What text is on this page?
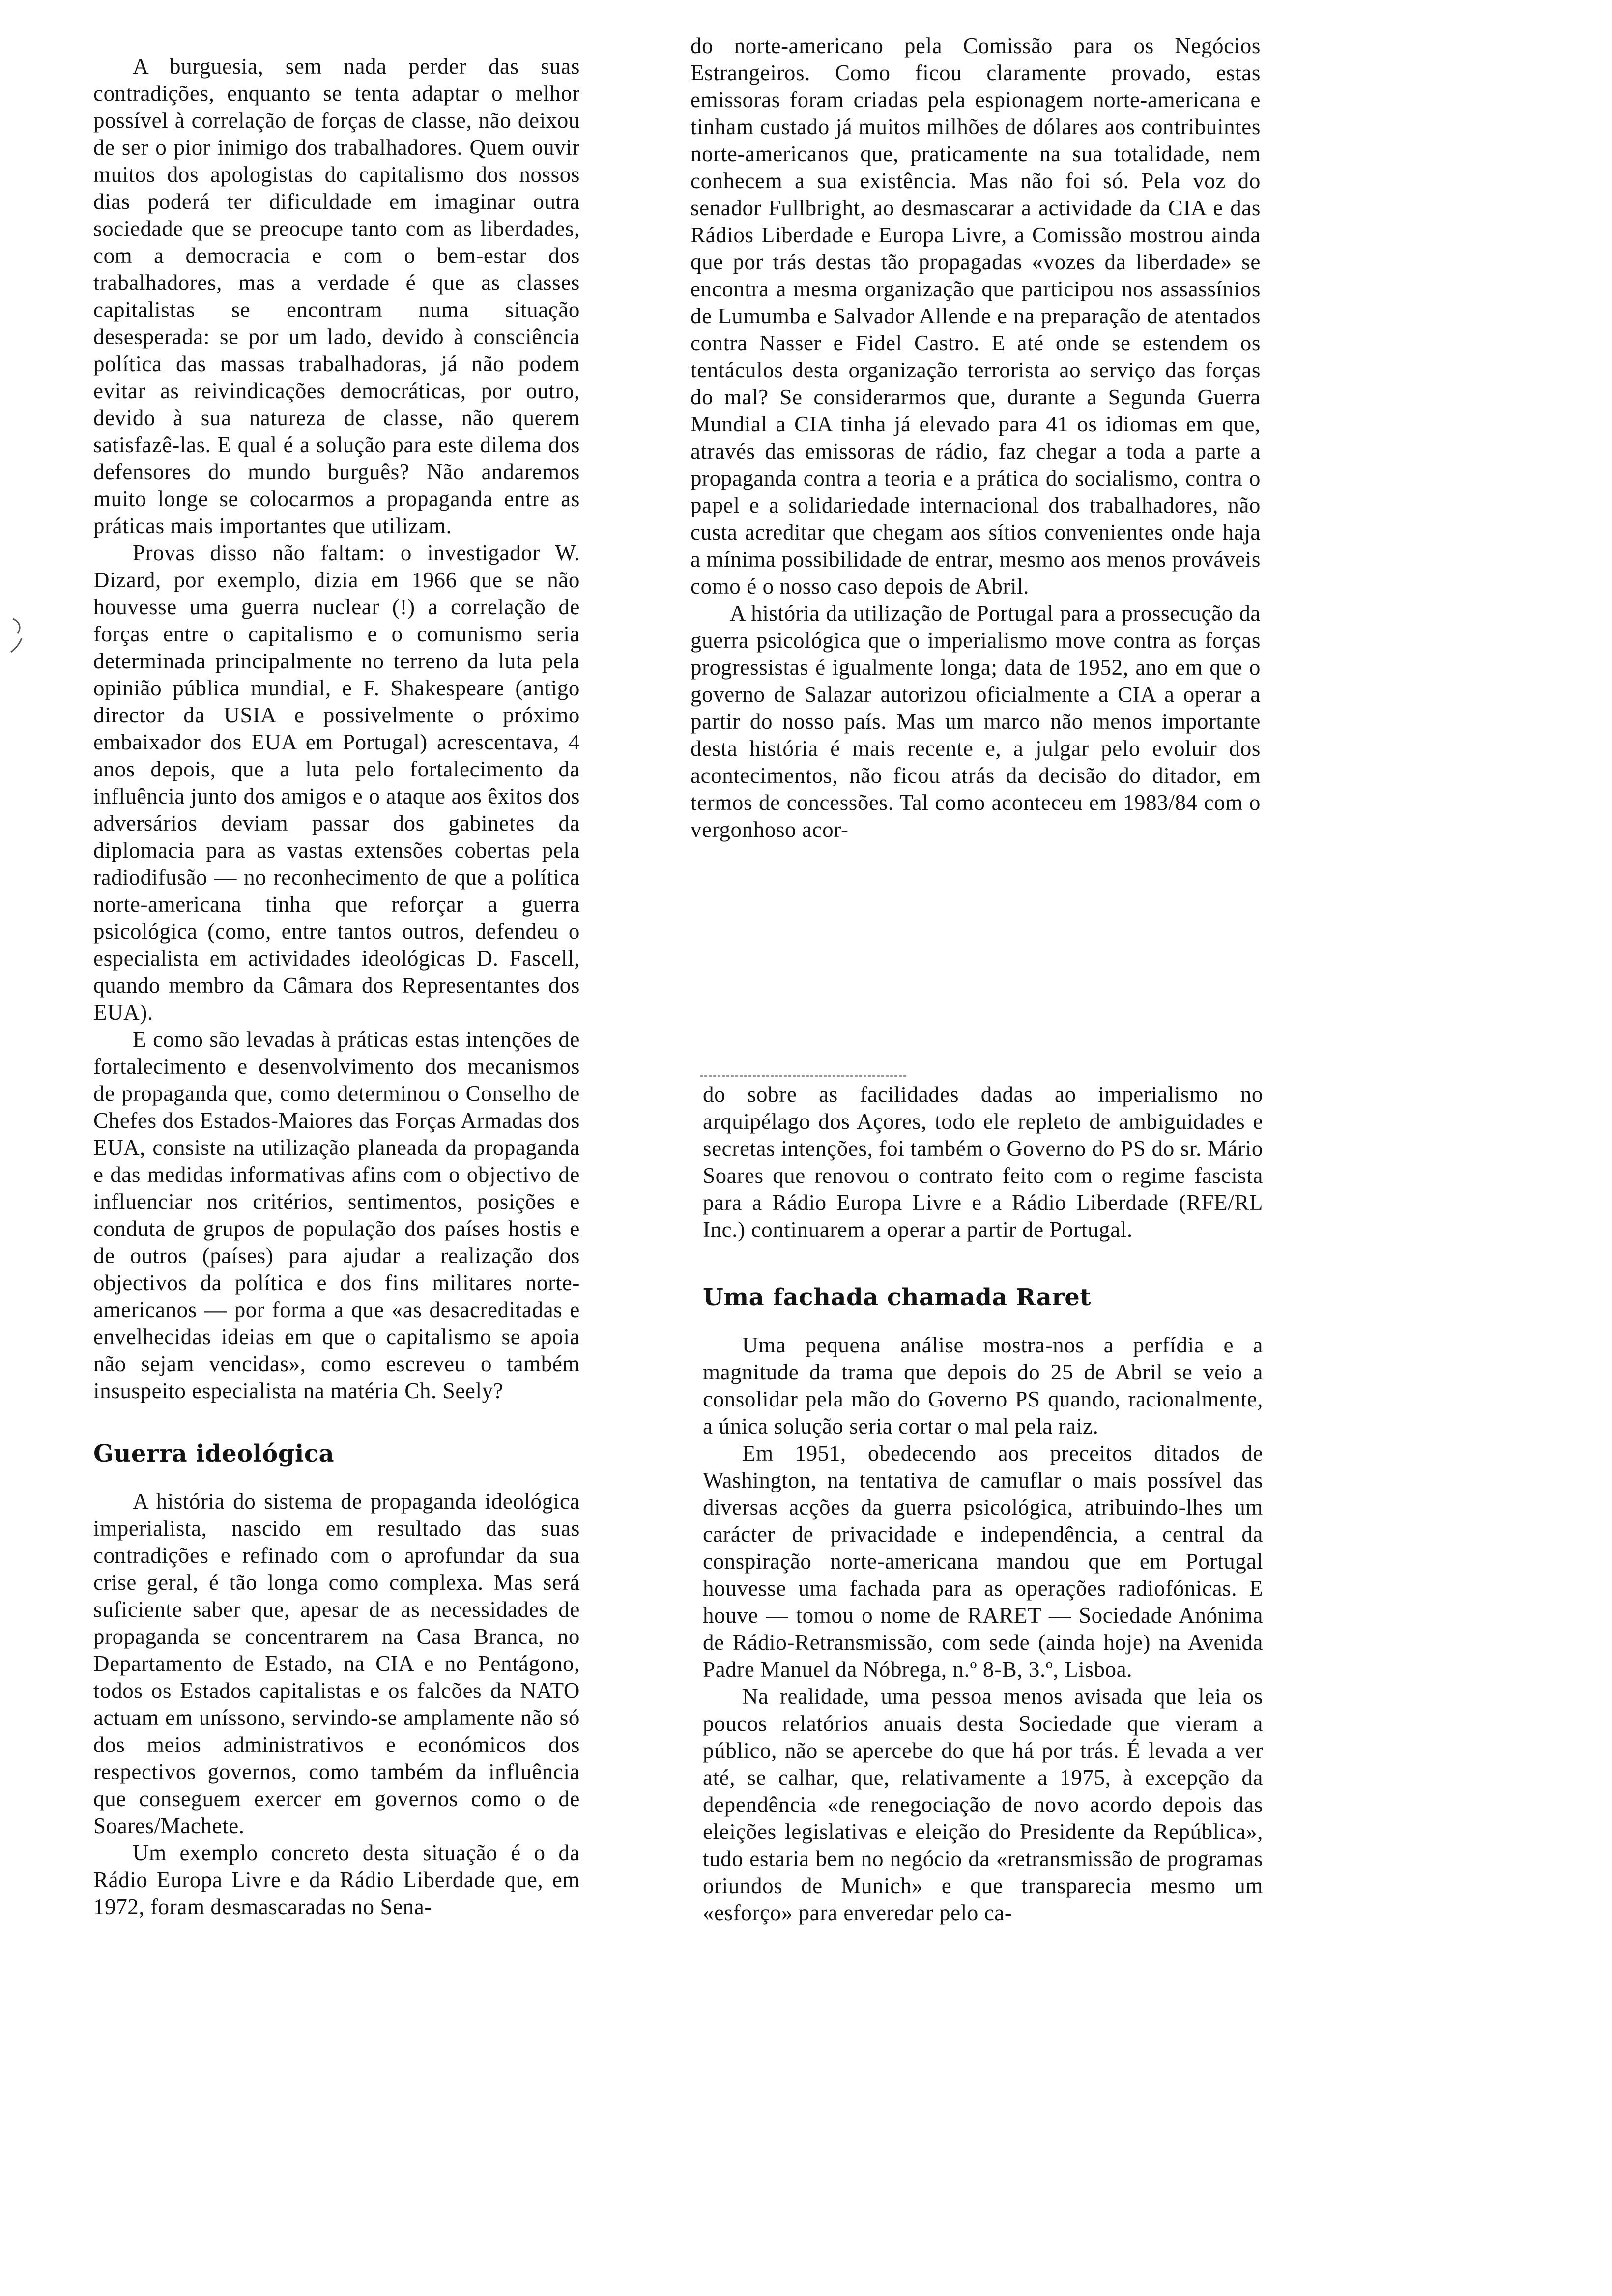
A burguesia, sem nada perder das suas contradições, enquanto se tenta adaptar o melhor possível à correlação de forças de classe, não deixou de ser o pior inimigo dos trabalhadores. Quem ouvir muitos dos apologistas do capitalismo dos nossos dias poderá ter dificuldade em imaginar outra sociedade que se preocupe tanto com as liberdades, com a democracia e com o bem-estar dos trabalhadores, mas a verdade é que as classes capitalistas se encontram numa situação desesperada: se por um lado, devido à consciência política das massas trabalhadoras, já não podem evitar as reivindicações democráticas, por outro, devido à sua natureza de classe, não querem satisfazê-las. E qual é a solução para este dilema dos defensores do mundo burguês? Não andaremos muito longe se colocarmos a propaganda entre as práticas mais importantes que utilizam.

Provas disso não faltam: o investigador W. Dizard, por exemplo, dizia em 1966 que se não houvesse uma guerra nuclear (!) a correlação de forças entre o capitalismo e o comunismo seria determinada principalmente no terreno da luta pela opinião pública mundial, e F. Shakespeare (antigo director da USIA e possivelmente o próximo embaixador dos EUA em Portugal) acrescentava, 4 anos depois, que a luta pelo fortalecimento da influência junto dos amigos e o ataque aos êxitos dos adversários deviam passar dos gabinetes da diplomacia para as vastas extensões cobertas pela radiodifusão — no reconhecimento de que a política norte-americana tinha que reforçar a guerra psicológica (como, entre tantos outros, defendeu o especialista em actividades ideológicas D. Fascell, quando membro da Câmara dos Representantes dos EUA).

E como são levadas à práticas estas intenções de fortalecimento e desenvolvimento dos mecanismos de propaganda que, como determinou o Conselho de Chefes dos Estados-Maiores das Forças Armadas dos EUA, consiste na utilização planeada da propaganda e das medidas informativas afins com o objectivo de influenciar nos critérios, sentimentos, posições e conduta de grupos de população dos países hostis e de outros (países) para ajudar a realização dos objectivos da política e dos fins militares norte-americanos — por forma a que «as desacreditadas e envelhecidas ideias em que o capitalismo se apoia não sejam vencidas», como escreveu o também insuspeito especialista na matéria Ch. Seely?

Guerra ideológica

A história do sistema de propaganda ideológica imperialista, nascido em resultado das suas contradições e refinado com o aprofundar da sua crise geral, é tão longa como complexa. Mas será suficiente saber que, apesar de as necessidades de propaganda se concentrarem na Casa Branca, no Departamento de Estado, na CIA e no Pentágono, todos os Estados capitalistas e os falcões da NATO actuam em uníssono, servindo-se amplamente não só dos meios administrativos e económicos dos respectivos governos, como também da influência que conseguem exercer em governos como o de Soares/Machete.

Um exemplo concreto desta situação é o da Rádio Europa Livre e da Rádio Liberdade que, em 1972, foram desmascaradas no Sena-

do norte-americano pela Comissão para os Negócios Estrangeiros. Como ficou claramente provado, estas emissoras foram criadas pela espionagem norte-americana e tinham custado já muitos milhões de dólares aos contribuintes norte-americanos que, praticamente na sua totalidade, nem conhecem a sua existência. Mas não foi só. Pela voz do senador Fullbright, ao desmascarar a actividade da CIA e das Rádios Liberdade e Europa Livre, a Comissão mostrou ainda que por trás destas tão propagadas «vozes da liberdade» se encontra a mesma organização que participou nos assassínios de Lumumba e Salvador Allende e na preparação de atentados contra Nasser e Fidel Castro. E até onde se estendem os tentáculos desta organização terrorista ao serviço das forças do mal? Se considerarmos que, durante a Segunda Guerra Mundial a CIA tinha já elevado para 41 os idiomas em que, através das emissoras de rádio, faz chegar a toda a parte a propaganda contra a teoria e a prática do socialismo, contra o papel e a solidariedade internacional dos trabalhadores, não custa acreditar que chegam aos sítios convenientes onde haja a mínima possibilidade de entrar, mesmo aos menos prováveis como é o nosso caso depois de Abril.

A história da utilização de Portugal para a prossecução da guerra psicológica que o imperialismo move contra as forças progressistas é igualmente longa; data de 1952, ano em que o governo de Salazar autorizou oficialmente a CIA a operar a partir do nosso país. Mas um marco não menos importante desta história é mais recente e, a julgar pelo evoluir dos acontecimentos, não ficou atrás da decisão do ditador, em termos de concessões. Tal como aconteceu em 1983/84 com o vergonhoso acor-

do sobre as facilidades dadas ao imperialismo no arquipélago dos Açores, todo ele repleto de ambiguidades e secretas intenções, foi também o Governo do PS do sr. Mário Soares que renovou o contrato feito com o regime fascista para a Rádio Europa Livre e a Rádio Liberdade (RFE/RL Inc.) continuarem a operar a partir de Portugal.

Uma fachada chamada Raret

Uma pequena análise mostra-nos a perfídia e a magnitude da trama que depois do 25 de Abril se veio a consolidar pela mão do Governo PS quando, racionalmente, a única solução seria cortar o mal pela raiz.

Em 1951, obedecendo aos preceitos ditados de Washington, na tentativa de camuflar o mais possível das diversas acções da guerra psicológica, atribuindo-lhes um carácter de privacidade e independência, a central da conspiração norte-americana mandou que em Portugal houvesse uma fachada para as operações radiofónicas. E houve — tomou o nome de RARET — Sociedade Anónima de Rádio-Retransmissão, com sede (ainda hoje) na Avenida Padre Manuel da Nóbrega, n.º 8-B, 3.º, Lisboa.

Na realidade, uma pessoa menos avisada que leia os poucos relatórios anuais desta Sociedade que vieram a público, não se apercebe do que há por trás. É levada a ver até, se calhar, que, relativamente a 1975, à excepção da dependência «de renegociação de novo acordo depois das eleições legislativas e eleição do Presidente da República», tudo estaria bem no negócio da «retransmissão de programas oriundos de Munich» e que transparecia mesmo um «esforço» para enveredar pelo ca-
